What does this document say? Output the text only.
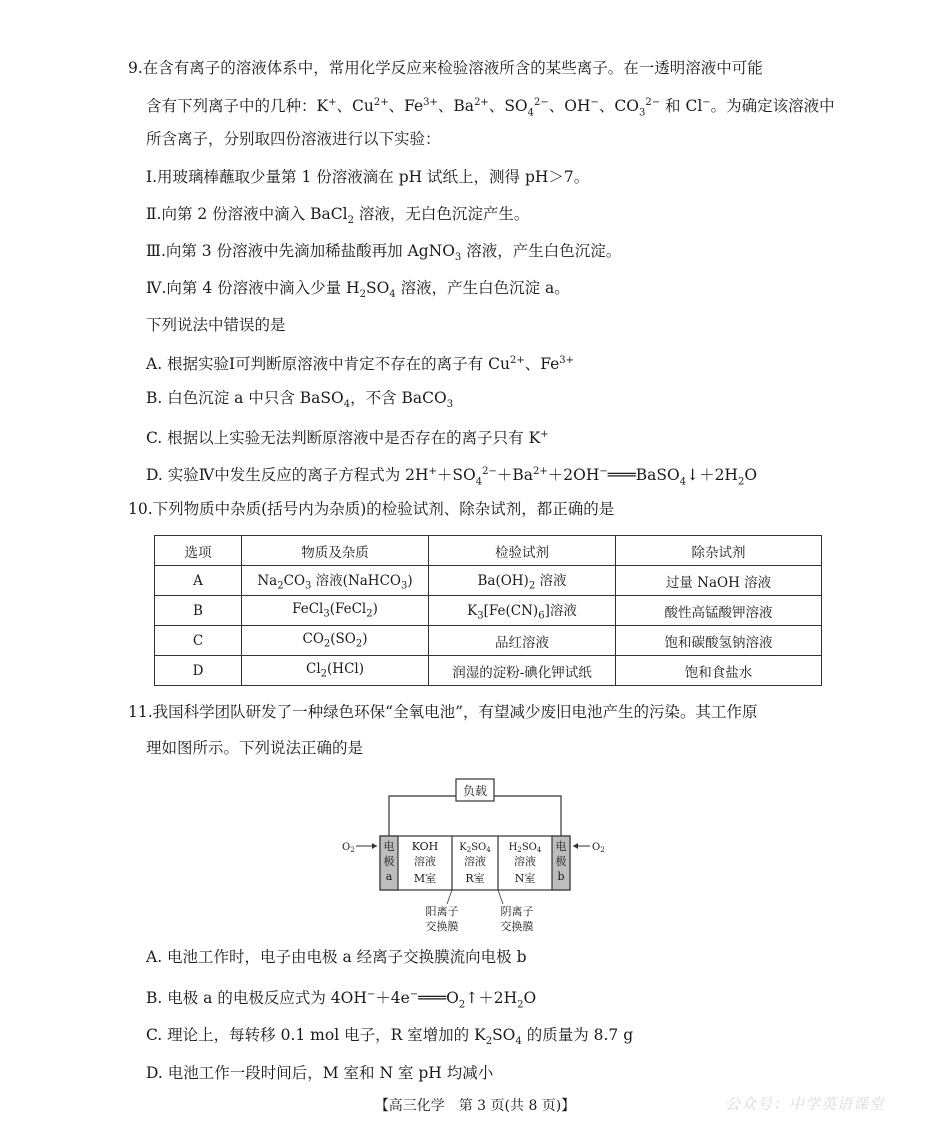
9.在含有离子的溶液体系中，常用化学反应来检验溶液所含的某些离子。在一透明溶液中可能
含有下列离子中的几种：K+、$Cu^{2+}$、$Fe^{3+}$、$Ba^{2+}$、$SO_4^{2-}$、OH−、$CO_3^{2-}$ 和 Cl−。为确定该溶液中
所含离子，分别取四份溶液进行以下实验：
Ⅰ.用玻璃棒蘸取少量第 1 份溶液滴在 pH 试纸上，测得 pH＞7。
Ⅱ.向第 2 份溶液中滴入 BaCl$_2$ 溶液，无白色沉淀产生。
Ⅲ.向第 3 份溶液中先滴加稀盐酸再加 AgNO$_3$ 溶液，产生白色沉淀。
Ⅳ.向第 4 份溶液中滴入少量 $H_2SO_4$ 溶液，产生白色沉淀 a。
下列说法中错误的是
A. 根据实验Ⅰ可判断原溶液中肯定不存在的离子有 $Cu^{2+}$、$Fe^{3+}$
B. 白色沉淀 a 中只含 BaSO$_4$，不含 BaCO$_3$
C. 根据以上实验无法判断原溶液中是否存在的离子只有 K+
D. 实验Ⅳ中发生反应的离子方程式为 $2H^++SO_4^{2-}+Ba^{2+}+2OH^-═══BaSO_4↓+2H_2O$
10.下列物质中杂质(括号内为杂质)的检验试剂、除杂试剂，都正确的是
选项	物质及杂质	检验试剂	除杂试剂
A	$Na_2CO_3$ 溶液(NaHCO$_3$)	$Ba(OH)_2$ 溶液	过量 NaOH 溶液
B	FeCl$_3$(FeCl$_2$)	$K_3[Fe(CN)_6]$溶液	酸性高锰酸钾溶液
C	$CO_2(SO_2)$	品红溶液	饱和碳酸氢钠溶液
D	$Cl_2(HCl)$	润湿的淀粉-碘化钾试纸	饱和食盐水
11.我国科学团队研发了一种绿色环保“全氧电池”，有望减少废旧电池产生的污染。其工作原
理如图所示。下列说法正确的是
负载
电
极
a
电
极
b
KOH
溶液
M室
$K_2SO_4$
溶液
R室
$H_2SO_4$
溶液
N室
$O_2$	$O_2$
阳离子
交换膜
阴离子
交换膜
A. 电池工作时，电子由电极 a 经离子交换膜流向电极 b
B. 电极 a 的电极反应式为 $4OH^-+4e^-═══O_2↑+2H_2O$
C. 理论上，每转移 0.1 mol 电子，R 室增加的 $K_2SO_4$ 的质量为 8.7 g
D. 电池工作一段时间后，M 室和 N 室 pH 均减小
【高三化学　第 3 页(共 8 页)】	公众号：中学英语课堂
